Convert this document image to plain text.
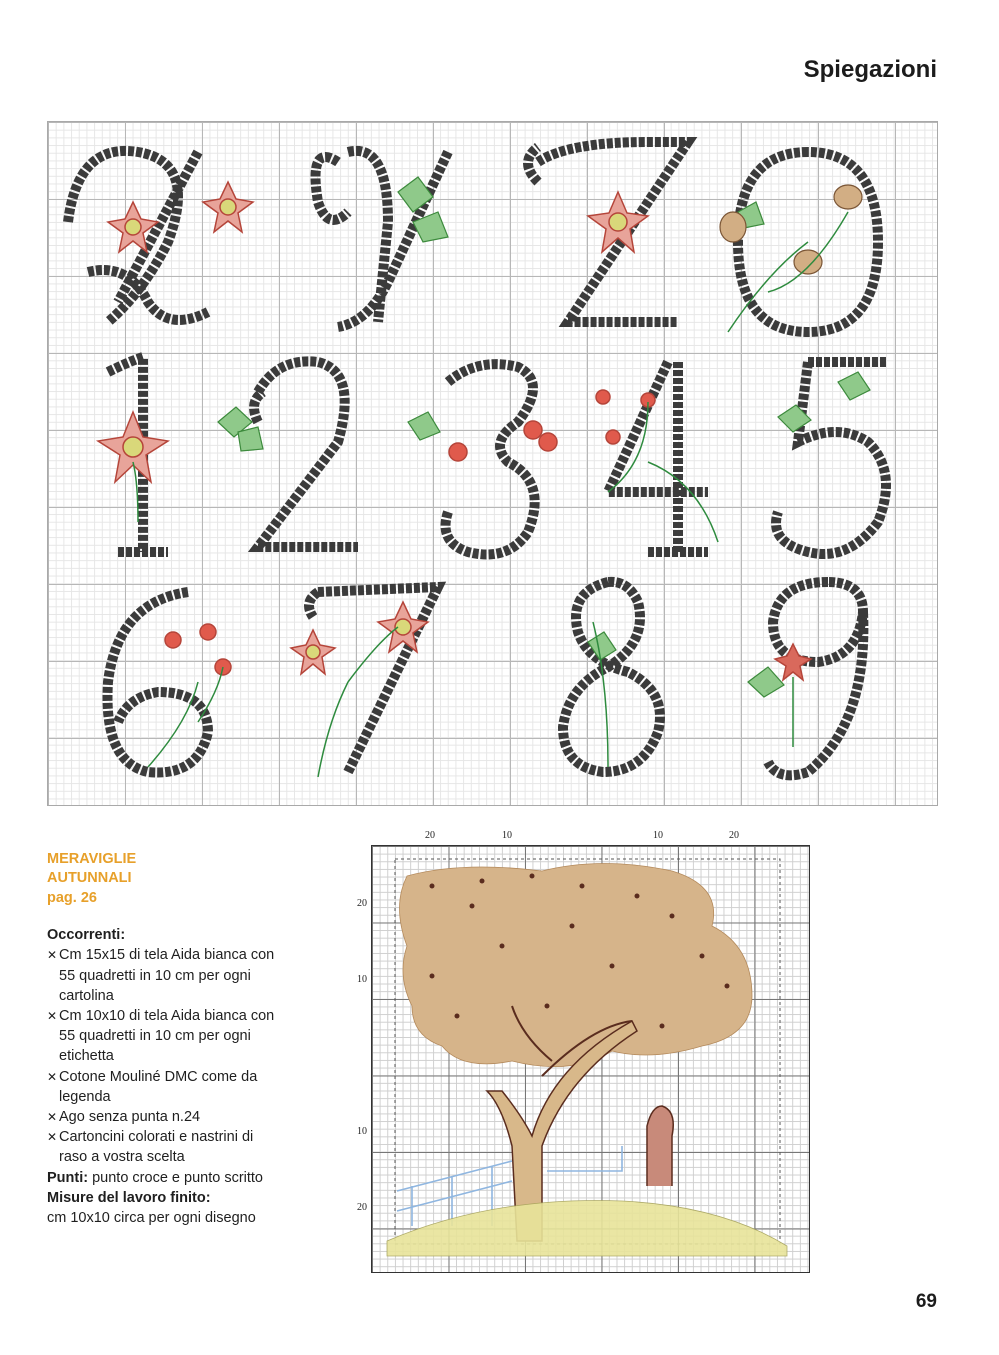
Spiegazioni
MERAVIGLIE
AUTUNNALI
pag. 26
Occorrenti:
✕ Cm 15x15 di tela Aida bianca con 55 quadretti in 10 cm per ogni cartolina
✕ Cm 10x10 di tela Aida bianca con 55 quadretti in 10 cm per ogni etichetta
✕ Cotone Mouliné DMC come da legenda
✕ Ago senza punta n.24
✕ Cartoncini colorati e nastrini di raso a vostra scelta
Punti: punto croce e punto scritto
Misure del lavoro finito:
cm 10x10 circa per ogni disegno
20	10	10	20
20
10
10
20
69
